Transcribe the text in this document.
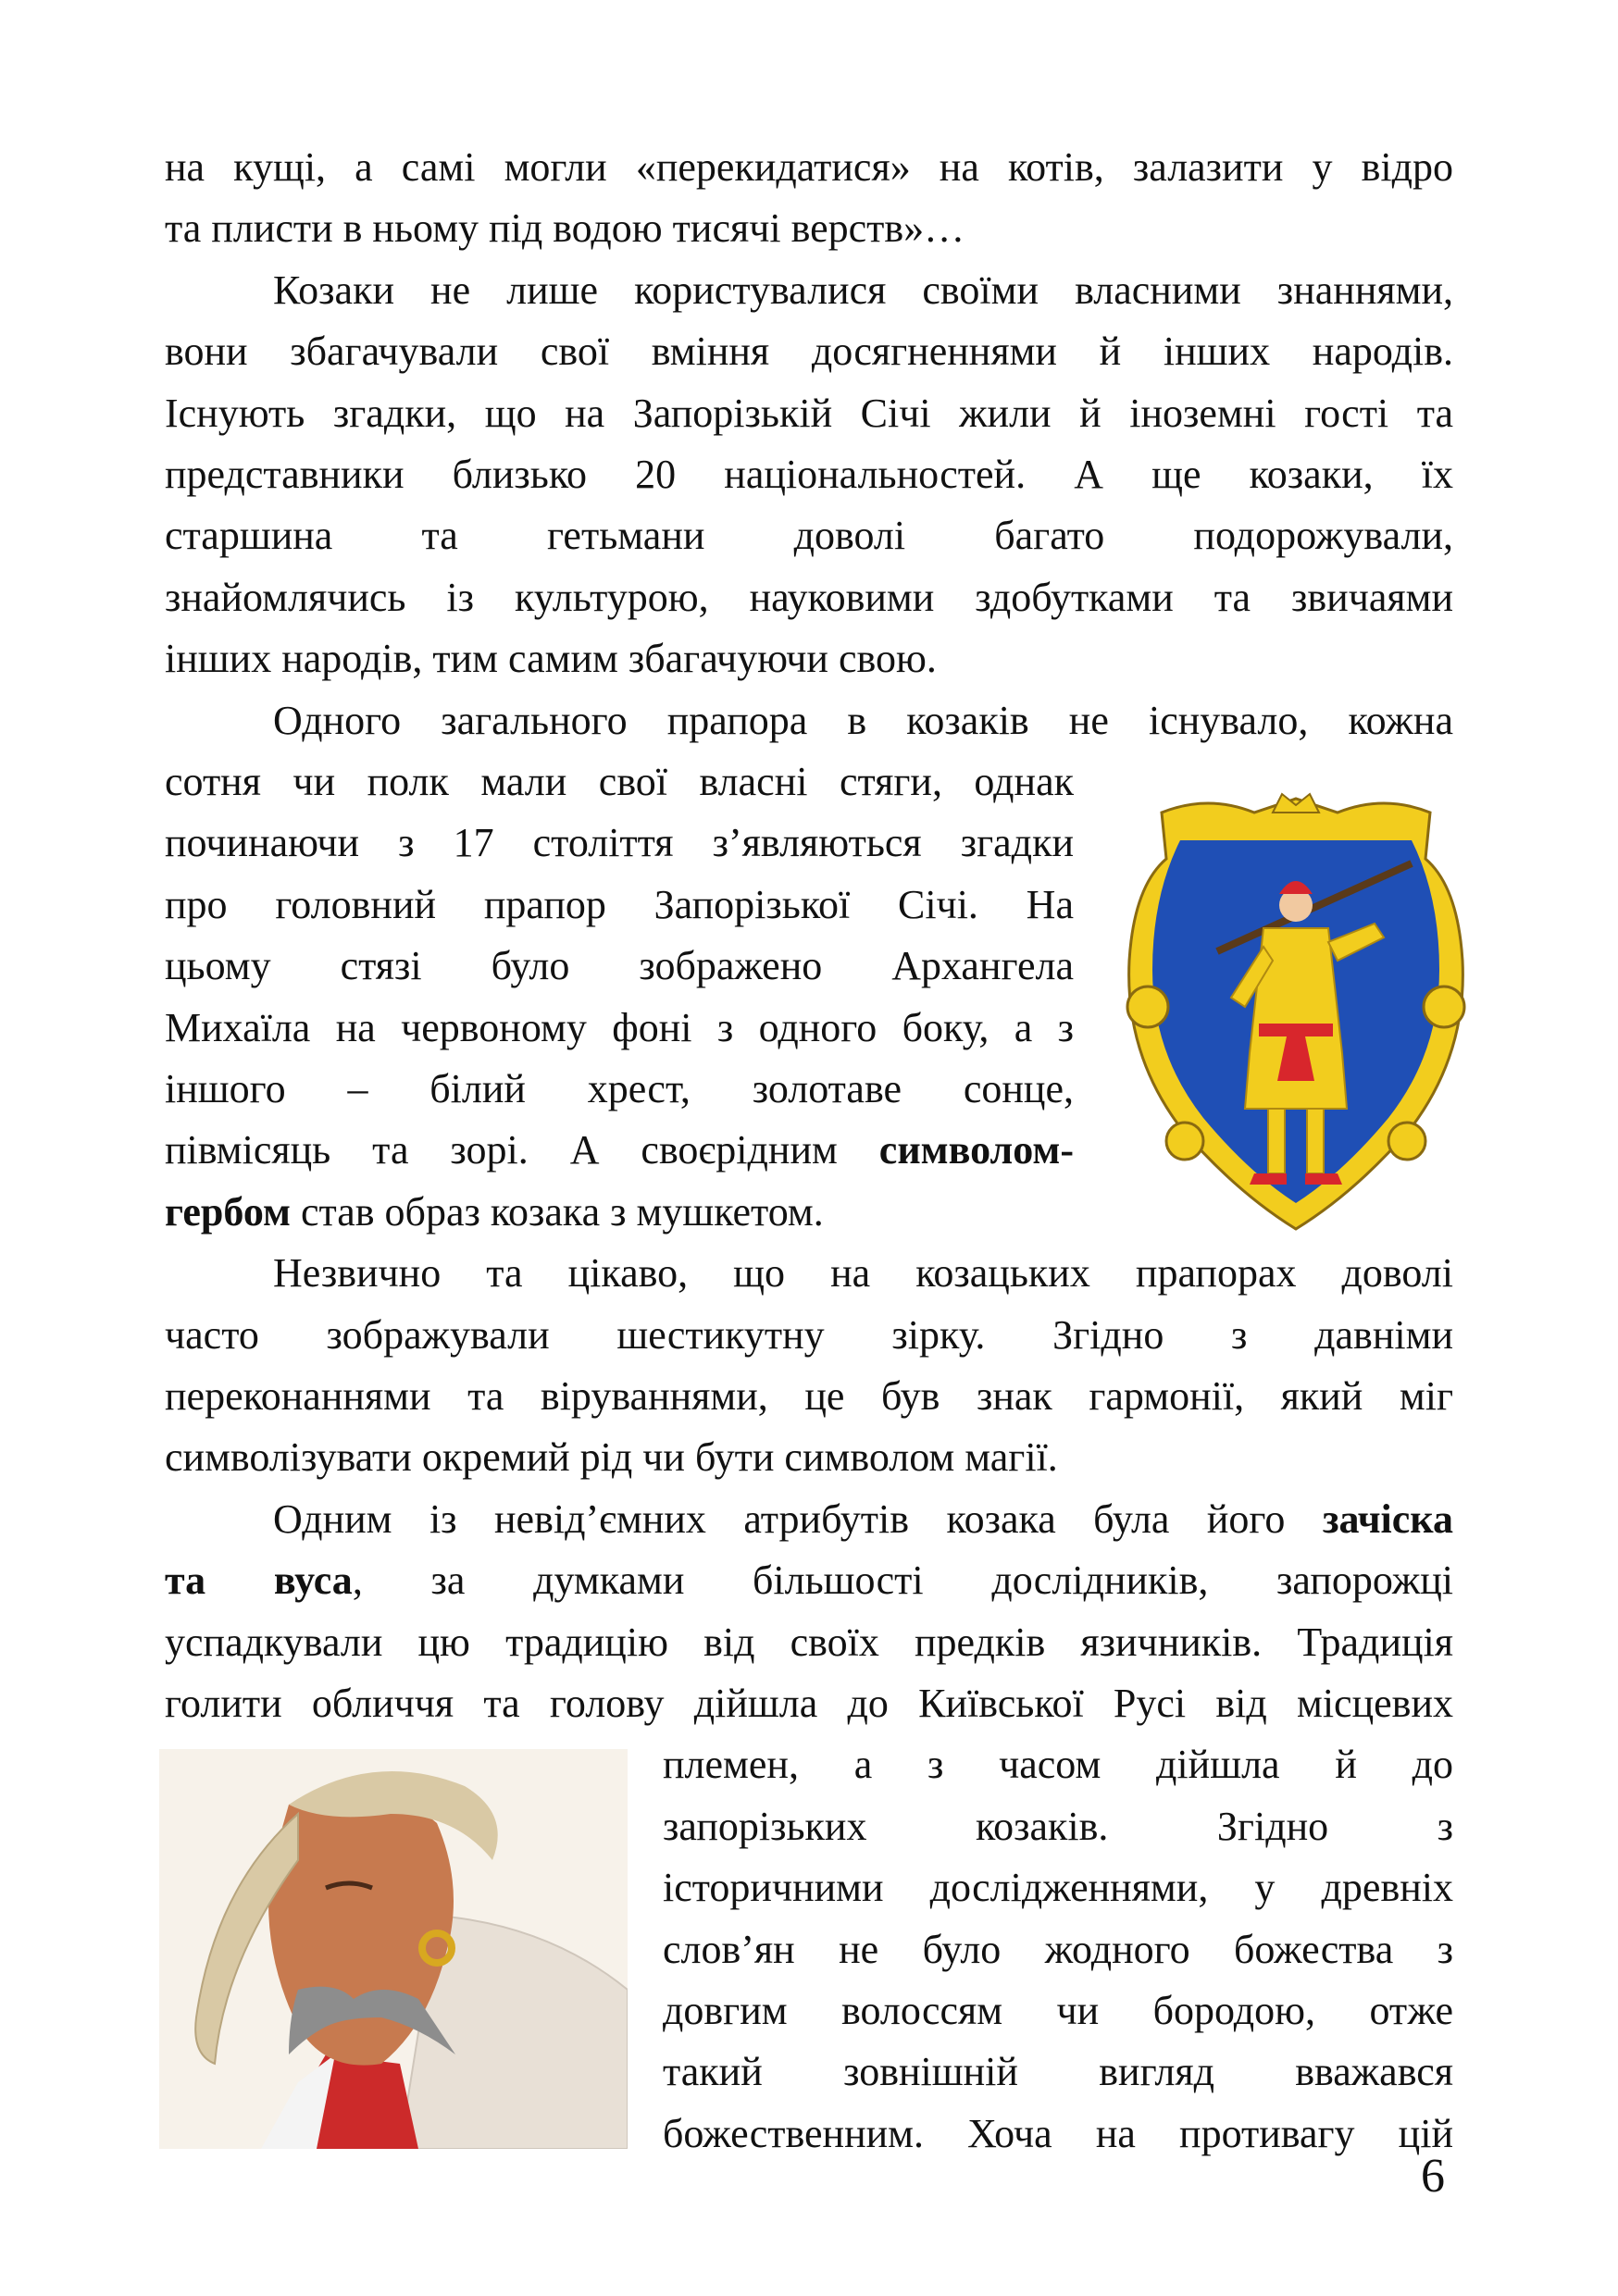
на кущі, а самі могли «перекидатися» на котів, залазити у відро
та плисти в ньому під водою тисячі верств»…
Козаки не лише користувалися своїми власними знаннями,
вони збагачували свої вміння досягненнями й інших народів.
Існують згадки, що на Запорізькій Січі жили й іноземні гості та
представники близько 20 національностей. А ще козаки, їх
старшина та гетьмани доволі багато подорожували,
знайомлячись із культурою, науковими здобутками та звичаями
інших народів, тим самим збагачуючи свою.
Одного загального прапора в козаків не існувало, кожна
сотня чи полк мали свої власні стяги, однак
починаючи з 17 століття з’являються згадки
про головний прапор Запорізької Січі. На
цьому стязі було зображено Архангела
Михаїла на червоному фоні з одного боку, а з
іншого – білий хрест, золотаве сонце,
півмісяць та зорі. А своєрідним символом-
гербом став образ козака з мушкетом.
Незвично та цікаво, що на козацьких прапорах доволі
часто зображували шестикутну зірку. Згідно з давніми
переконаннями та віруваннями, це був знак гармонії, який міг
символізувати окремий рід чи бути символом магії.
Одним із невід’ємних атрибутів козака була його зачіска
та вуса, за думками більшості дослідників, запорожці
успадкували цю традицію від своїх предків язичників. Традиція
голити обличчя та голову дійшла до Київської Русі від місцевих
племен, а з часом дійшла й до
запорізьких козаків. Згідно з
історичними дослідженнями, у древніх
слов’ян не було жодного божества з
довгим волоссям чи бородою, отже
такий зовнішній вигляд вважався
божественним. Хоча на противагу цій
6
